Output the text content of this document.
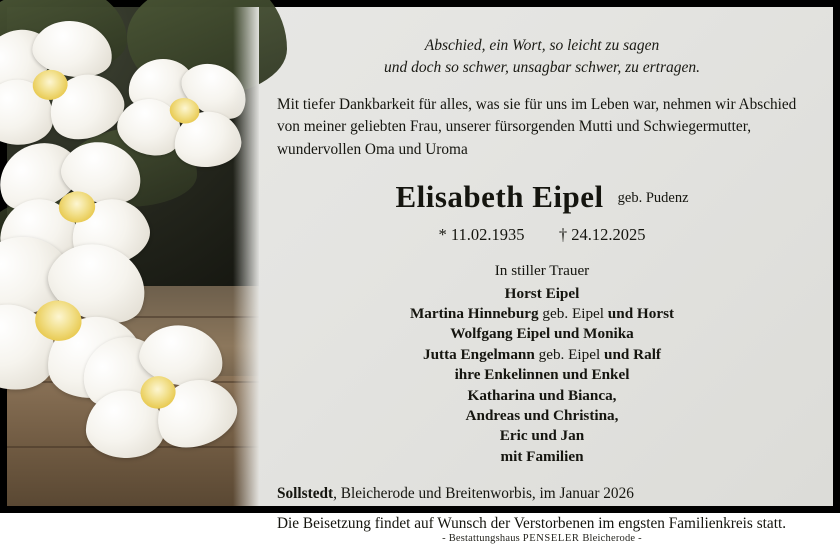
Abschied, ein Wort, so leicht zu sagen
und doch so schwer, unsagbar schwer, zu ertragen.
Mit tiefer Dankbarkeit für alles, was sie für uns im Leben war, nehmen wir Abschied
von meiner geliebten Frau, unserer fürsorgenden Mutti und Schwiegermutter,
wundervollen Oma und Uroma
Elisabeth Eipel geb. Pudenz
* 11.02.1935 † 24.12.2025
In stiller Trauer
Horst Eipel
Martina Hinneburg geb. Eipel und Horst
Wolfgang Eipel und Monika
Jutta Engelmann geb. Eipel und Ralf
ihre Enkelinnen und Enkel
Katharina und Bianca,
Andreas und Christina,
Eric und Jan
mit Familien
Sollstedt, Bleicherode und Breitenworbis, im Januar 2026
Die Beisetzung findet auf Wunsch der Verstorbenen im engsten Familienkreis statt.
- Bestattungshaus PENSELER Bleicherode -
